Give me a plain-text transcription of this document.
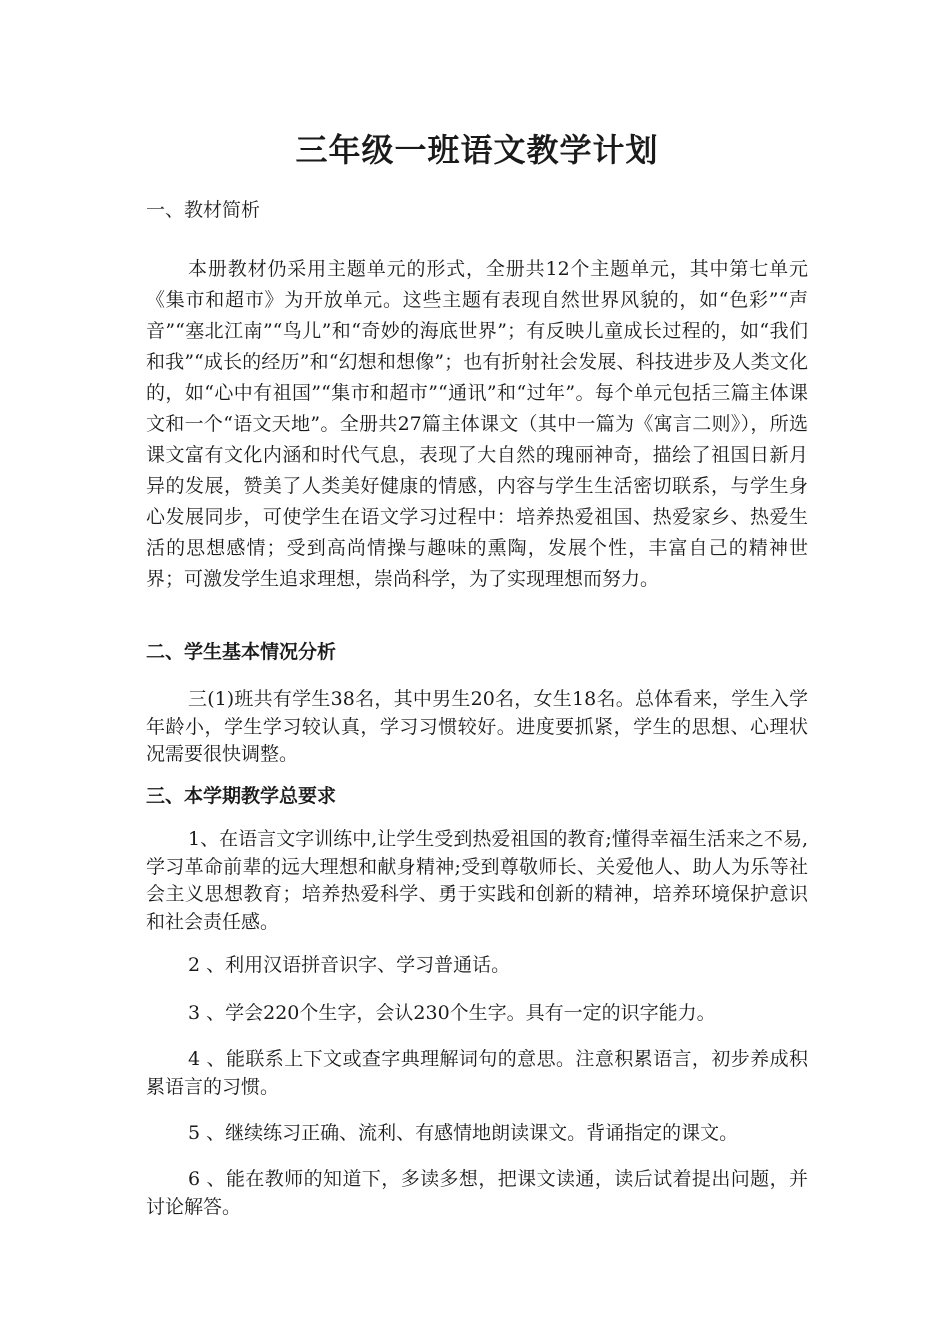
三年级一班语文教学计划
一、教材简析

本册教材仍采用主题单元的形式，全册共12个主题单元，其中第七单元《集市和超市》为开放单元。这些主题有表现自然世界风貌的，如“色彩”“声音”“塞北江南”“鸟儿”和“奇妙的海底世界”；有反映儿童成长过程的，如“我们和我”“成长的经历”和“幻想和想像”；也有折射社会发展、科技进步及人类文化的，如“心中有祖国”“集市和超市”“通讯”和“过年”。每个单元包括三篇主体课文和一个“语文天地”。全册共27篇主体课文（其中一篇为《寓言二则》），所选课文富有文化内涵和时代气息，表现了大自然的瑰丽神奇，描绘了祖国日新月异的发展，赞美了人类美好健康的情感，内容与学生生活密切联系，与学生身心发展同步，可使学生在语文学习过程中：培养热爱祖国、热爱家乡、热爱生活的思想感情；受到高尚情操与趣味的熏陶，发展个性，丰富自己的精神世界；可激发学生追求理想，崇尚科学，为了实现理想而努力。

二、学生基本情况分析

三(1)班共有学生38名，其中男生20名，女生18名。总体看来，学生入学年龄小，学生学习较认真，学习习惯较好。进度要抓紧，学生的思想、心理状况需要很快调整。

三、本学期教学总要求

1、在语言文字训练中,让学生受到热爱祖国的教育;懂得幸福生活来之不易,学习革命前辈的远大理想和献身精神;受到尊敬师长、关爱他人、助人为乐等社会主义思想教育；培养热爱科学、勇于实践和创新的精神，培养环境保护意识和社会责任感。

2 、利用汉语拼音识字、学习普通话。

3 、学会220个生字，会认230个生字。具有一定的识字能力。

4 、能联系上下文或查字典理解词句的意思。注意积累语言，初步养成积累语言的习惯。

5 、继续练习正确、流利、有感情地朗读课文。背诵指定的课文。

6 、能在教师的知道下，多读多想，把课文读通，读后试着提出问题，并讨论解答。
